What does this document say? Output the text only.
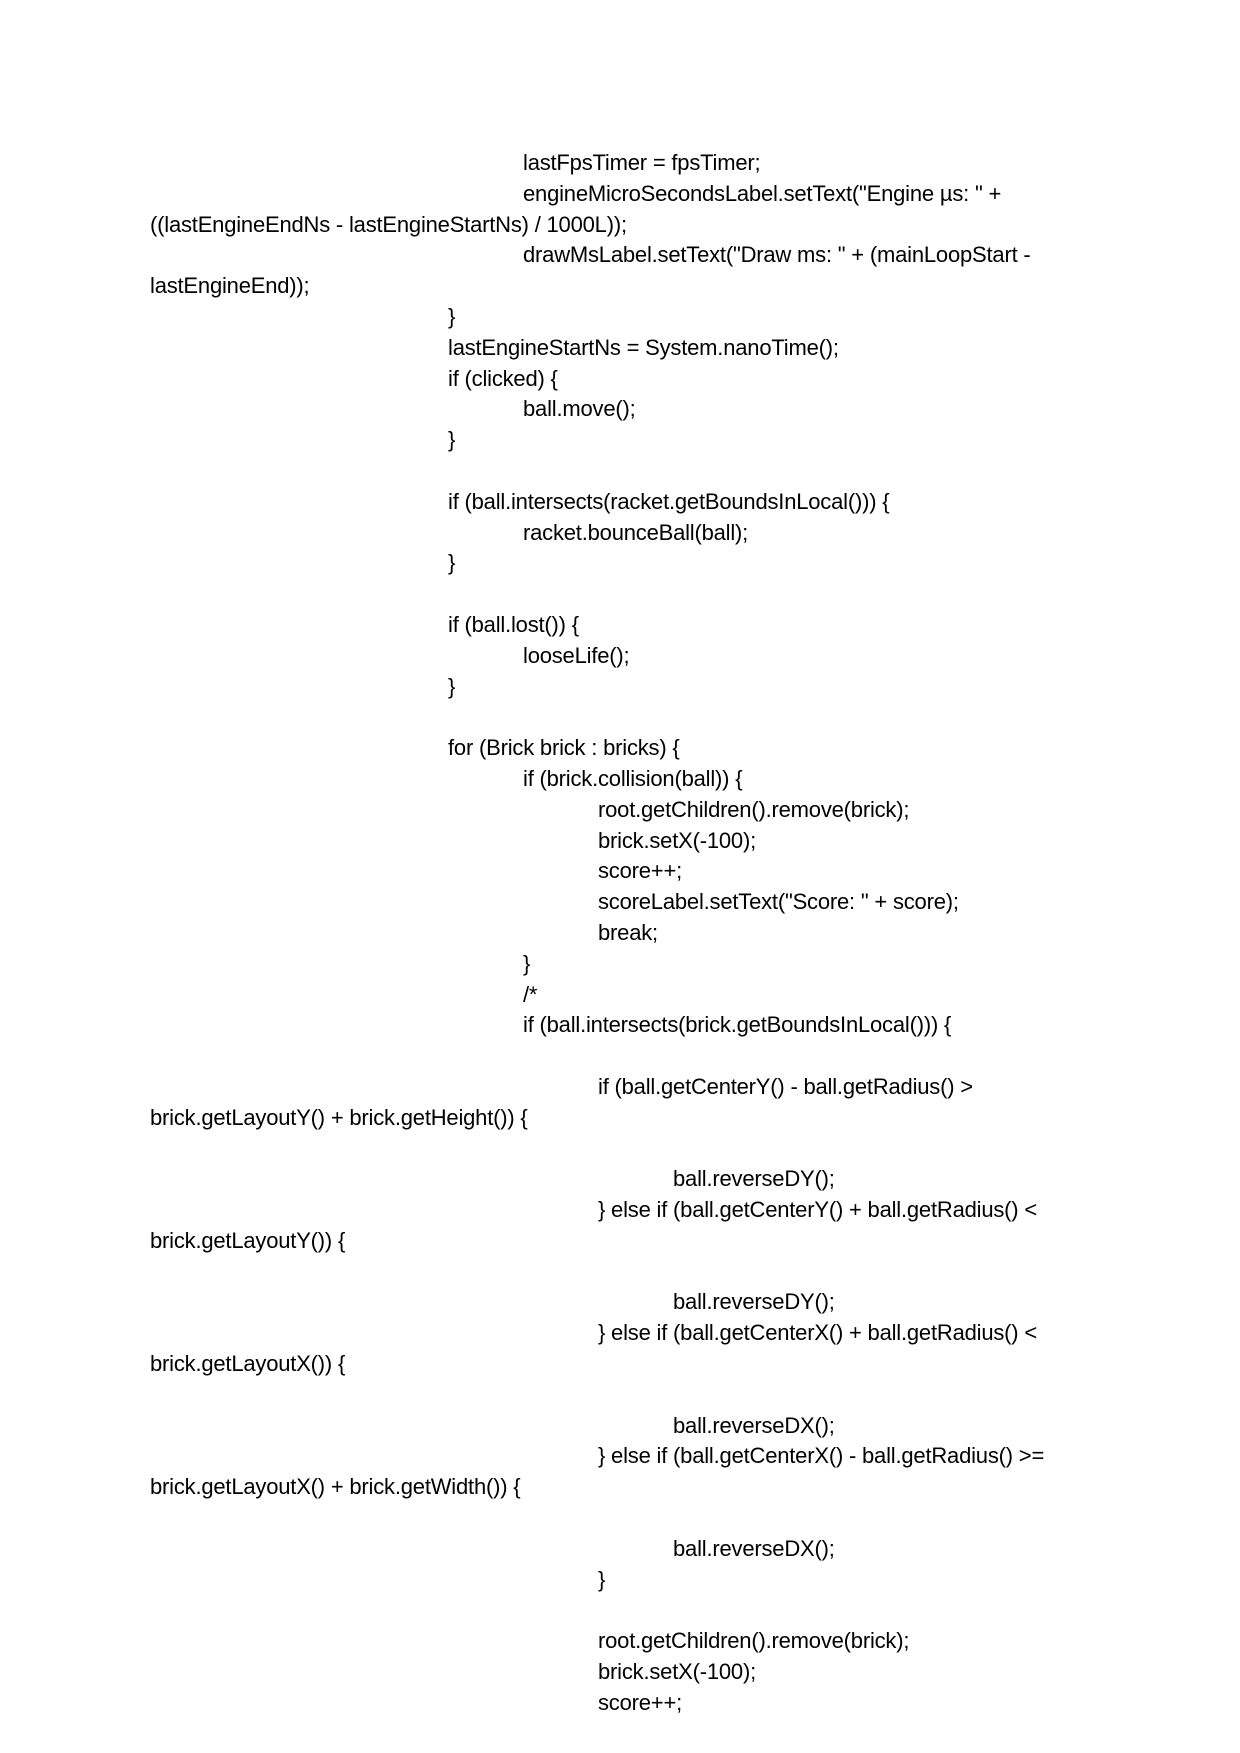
lastFpsTimer = fpsTimer;
engineMicroSecondsLabel.setText("Engine µs: " +
((lastEngineEndNs - lastEngineStartNs) / 1000L));
drawMsLabel.setText("Draw ms: " + (mainLoopStart -
lastEngineEnd));
}
lastEngineStartNs = System.nanoTime();
if (clicked) {
ball.move();
}
if (ball.intersects(racket.getBoundsInLocal())) {
racket.bounceBall(ball);
}
if (ball.lost()) {
looseLife();
}
for (Brick brick : bricks) {
if (brick.collision(ball)) {
root.getChildren().remove(brick);
brick.setX(-100);
score++;
scoreLabel.setText("Score: " + score);
break;
}
/*
if (ball.intersects(brick.getBoundsInLocal())) {
if (ball.getCenterY() - ball.getRadius() >
brick.getLayoutY() + brick.getHeight()) {
ball.reverseDY();
} else if (ball.getCenterY() + ball.getRadius() <
brick.getLayoutY()) {
ball.reverseDY();
} else if (ball.getCenterX() + ball.getRadius() <
brick.getLayoutX()) {
ball.reverseDX();
} else if (ball.getCenterX() - ball.getRadius() >=
brick.getLayoutX() + brick.getWidth()) {
ball.reverseDX();
}
root.getChildren().remove(brick);
brick.setX(-100);
score++;
